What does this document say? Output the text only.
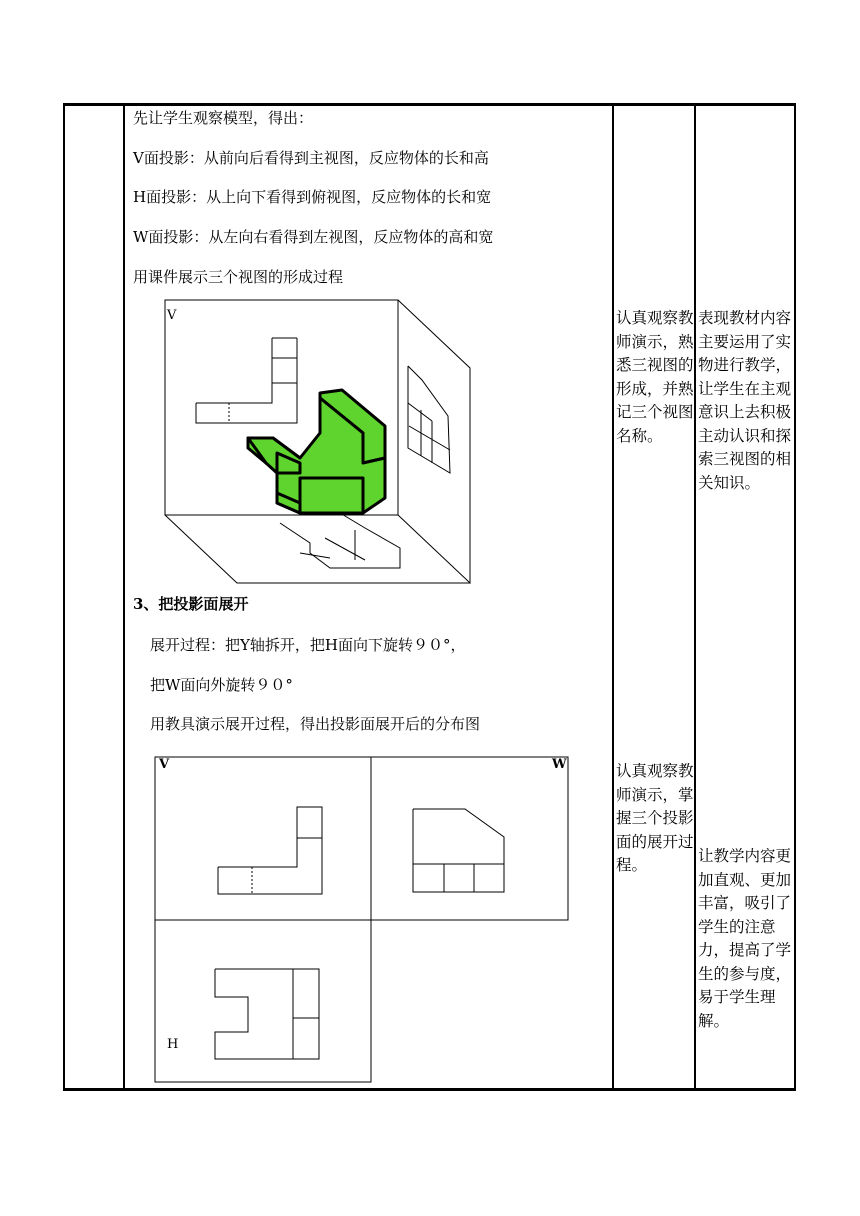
先让学生观察模型，得出：
V面投影：从前向后看得到主视图，反应物体的长和高
H面投影：从上向下看得到俯视图，反应物体的长和宽
W面投影：从左向右看得到左视图，反应物体的高和宽
用课件展示三个视图的形成过程
V
3、把投影面展开
展开过程：把Y轴拆开，把H面向下旋转９０°，
把W面向外旋转９０°
用教具演示展开过程，得出投影面展开后的分布图
V	W
H
认真观察教师演示，熟悉三视图的形成，并熟记三个视图名称。
认真观察教师演示，掌握三个投影面的展开过程。
表现教材内容主要运用了实物进行教学，让学生在主观意识上去积极主动认识和探索三视图的相关知识。
让教学内容更加直观、更加丰富，吸引了学生的注意力，提高了学生的参与度，易于学生理解。
